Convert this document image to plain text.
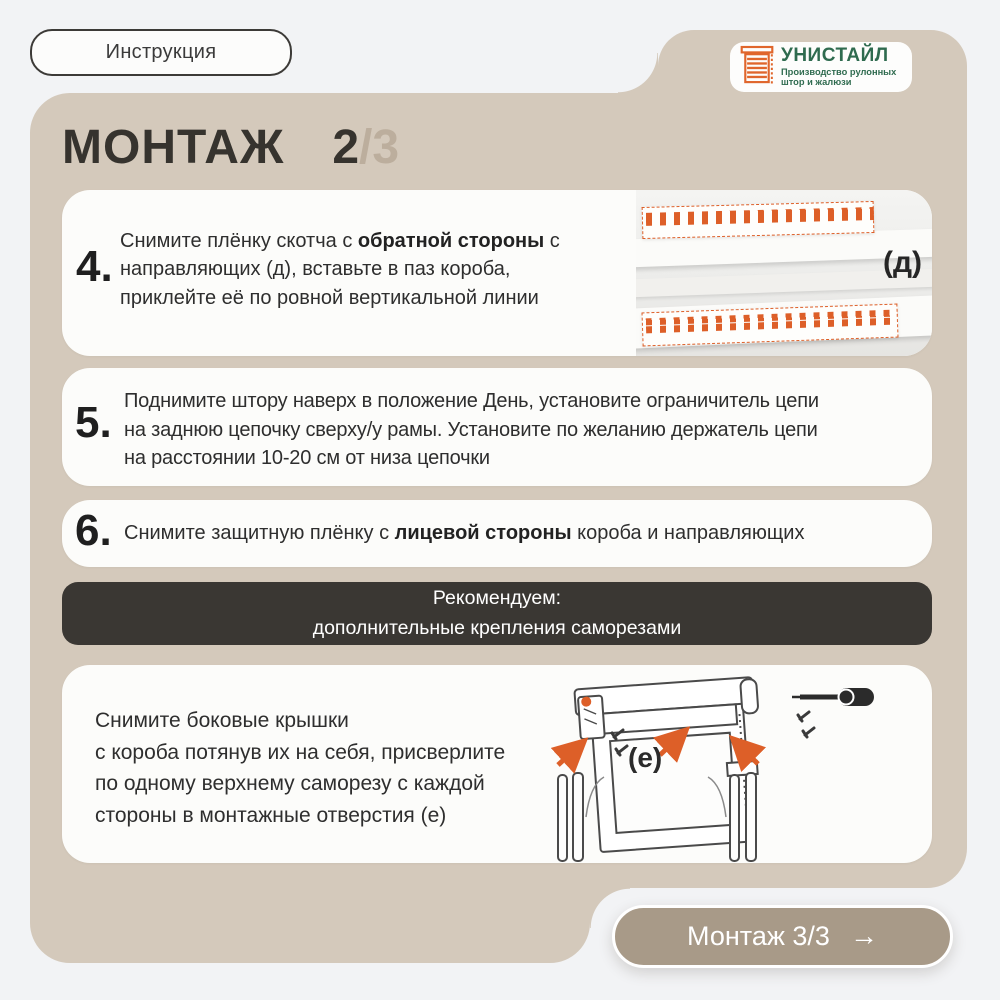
Инструкция	УНИСТАЙЛ
Производство рулонных
штор и жалюзи
МОНТАЖ 2 /3
4.
Снимите плёнку скотча с обратной стороны с
направляющих (д), вставьте в паз короба,
приклейте её по ровной вертикальной линии
(д)
5. Поднимите штору наверх в положение День, установите ограничитель цепи
на заднюю цепочку сверху/у рамы. Установите по желанию держатель цепи
на расстоянии 10-20 см от низа цепочки
6. Снимите защитную плёнку с лицевой стороны короба и направляющих
Рекомендуем:
дополнительные крепления саморезами
Снимите боковые крышки
с короба потянув их на себя, присверлите
по одному верхнему саморезу с каждой
стороны в монтажные отверстия (е)
(e)
Монтаж 3/3 →
